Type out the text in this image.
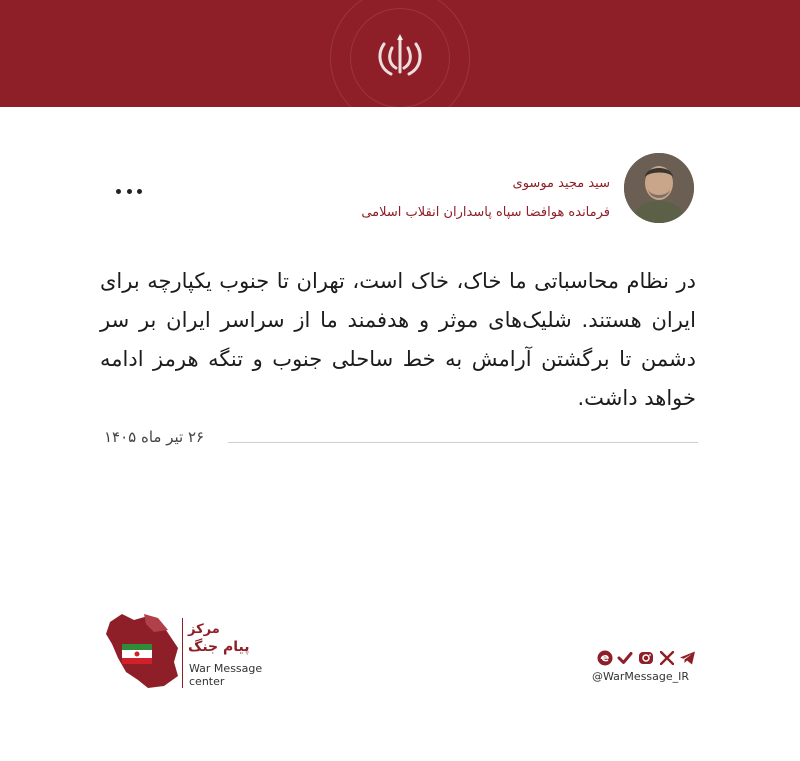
سید مجید موسوی
فرمانده هوافضا سپاه پاسداران انقلاب اسلامی
در نظام محاسباتی ما خاک، خاک است، تهران تا جنوب یکپارچه برای ایران هستند. شلیک‌های موثر و هدفمند ما از سراسر ایران بر سر دشمن تا برگشتن آرامش به خط ساحلی جنوب و تنگه هرمز ادامه خواهد داشت.
۲۶ تیر ماه ۱۴۰۵
مرکز
پیام جنگ
War Message
center	@WarMessage_IR
